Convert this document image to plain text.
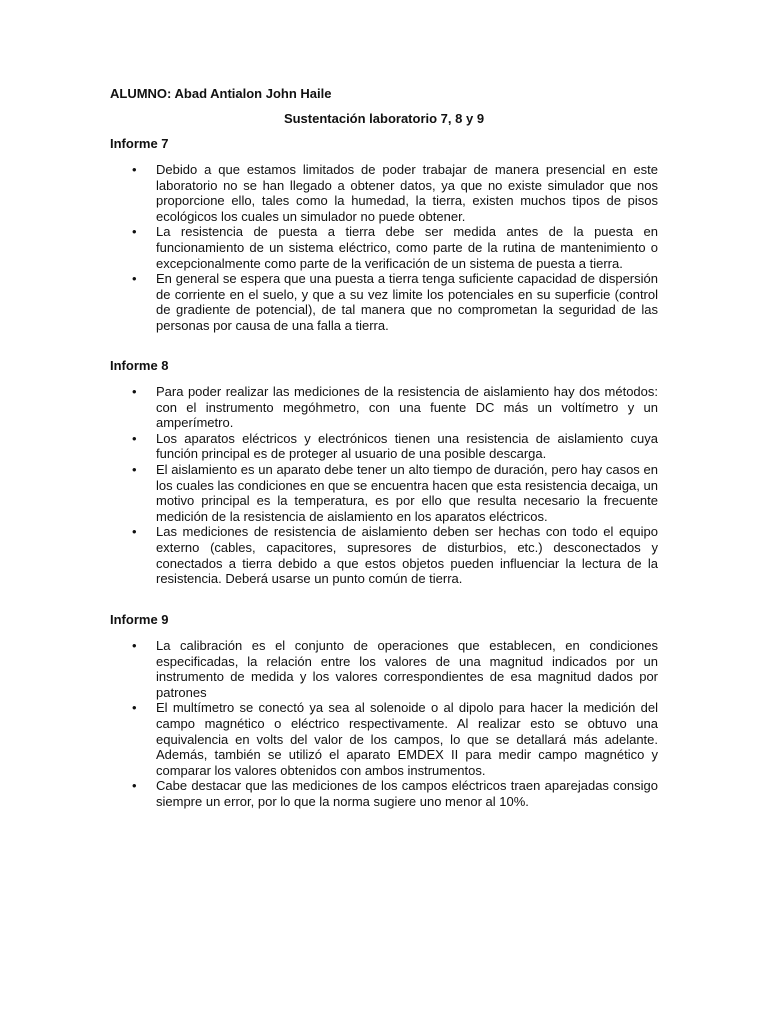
ALUMNO: Abad Antialon John Haile
Sustentación laboratorio 7, 8 y 9
Informe 7
• Debido a que estamos limitados de poder trabajar de manera presencial en este laboratorio no se han llegado a obtener datos, ya que no existe simulador que nos proporcione ello, tales como la humedad, la tierra, existen muchos tipos de pisos ecológicos los cuales un simulador no puede obtener.
• La resistencia de puesta a tierra debe ser medida antes de la puesta en funcionamiento de un sistema eléctrico, como parte de la rutina de mantenimiento o excepcionalmente como parte de la verificación de un sistema de puesta a tierra.
• En general se espera que una puesta a tierra tenga suficiente capacidad de dispersión de corriente en el suelo, y que a su vez limite los potenciales en su superficie (control de gradiente de potencial), de tal manera que no comprometan la seguridad de las personas por causa de una falla a tierra.
Informe 8
• Para poder realizar las mediciones de la resistencia de aislamiento hay dos métodos: con el instrumento megóhmetro, con una fuente DC más un voltímetro y un amperímetro.
• Los aparatos eléctricos y electrónicos tienen una resistencia de aislamiento cuya función principal es de proteger al usuario de una posible descarga.
• El aislamiento es un aparato debe tener un alto tiempo de duración, pero hay casos en los cuales las condiciones en que se encuentra hacen que esta resistencia decaiga, un motivo principal es la temperatura, es por ello que resulta necesario la frecuente medición de la resistencia de aislamiento en los aparatos eléctricos.
• Las mediciones de resistencia de aislamiento deben ser hechas con todo el equipo externo (cables, capacitores, supresores de disturbios, etc.) desconectados y conectados a tierra debido a que estos objetos pueden influenciar la lectura de la resistencia. Deberá usarse un punto común de tierra.
Informe 9
• La calibración es el conjunto de operaciones que establecen, en condiciones especificadas, la relación entre los valores de una magnitud indicados por un instrumento de medida y los valores correspondientes de esa magnitud dados por patrones
• El multímetro se conectó ya sea al solenoide o al dipolo para hacer la medición del campo magnético o eléctrico respectivamente. Al realizar esto se obtuvo una equivalencia en volts del valor de los campos, lo que se detallará más adelante. Además, también se utilizó el aparato EMDEX II para medir campo magnético y comparar los valores obtenidos con ambos instrumentos.
• Cabe destacar que las mediciones de los campos eléctricos traen aparejadas consigo siempre un error, por lo que la norma sugiere uno menor al 10%.
